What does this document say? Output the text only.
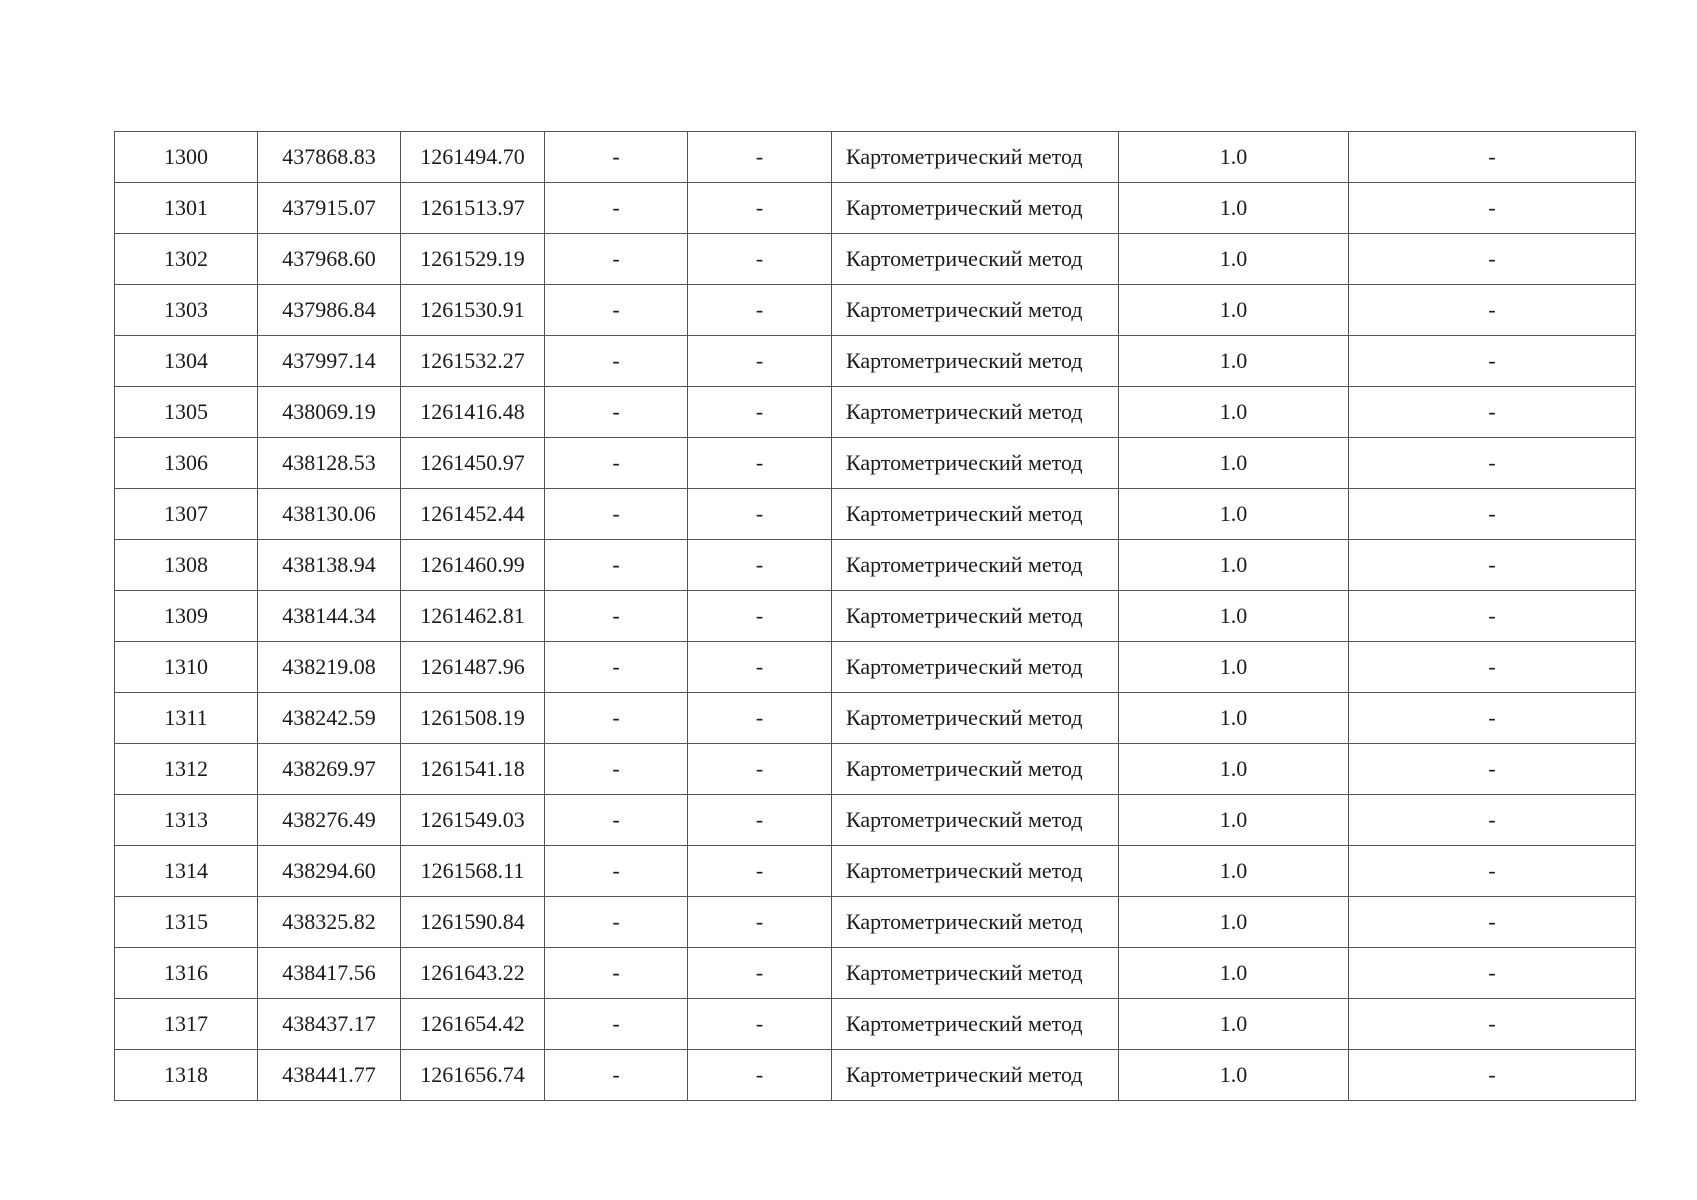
1300	437868.83	1261494.70	-	-	Картометрический метод	1.0	-
1301	437915.07	1261513.97	-	-	Картометрический метод	1.0	-
1302	437968.60	1261529.19	-	-	Картометрический метод	1.0	-
1303	437986.84	1261530.91	-	-	Картометрический метод	1.0	-
1304	437997.14	1261532.27	-	-	Картометрический метод	1.0	-
1305	438069.19	1261416.48	-	-	Картометрический метод	1.0	-
1306	438128.53	1261450.97	-	-	Картометрический метод	1.0	-
1307	438130.06	1261452.44	-	-	Картометрический метод	1.0	-
1308	438138.94	1261460.99	-	-	Картометрический метод	1.0	-
1309	438144.34	1261462.81	-	-	Картометрический метод	1.0	-
1310	438219.08	1261487.96	-	-	Картометрический метод	1.0	-
1311	438242.59	1261508.19	-	-	Картометрический метод	1.0	-
1312	438269.97	1261541.18	-	-	Картометрический метод	1.0	-
1313	438276.49	1261549.03	-	-	Картометрический метод	1.0	-
1314	438294.60	1261568.11	-	-	Картометрический метод	1.0	-
1315	438325.82	1261590.84	-	-	Картометрический метод	1.0	-
1316	438417.56	1261643.22	-	-	Картометрический метод	1.0	-
1317	438437.17	1261654.42	-	-	Картометрический метод	1.0	-
1318	438441.77	1261656.74	-	-	Картометрический метод	1.0	-
